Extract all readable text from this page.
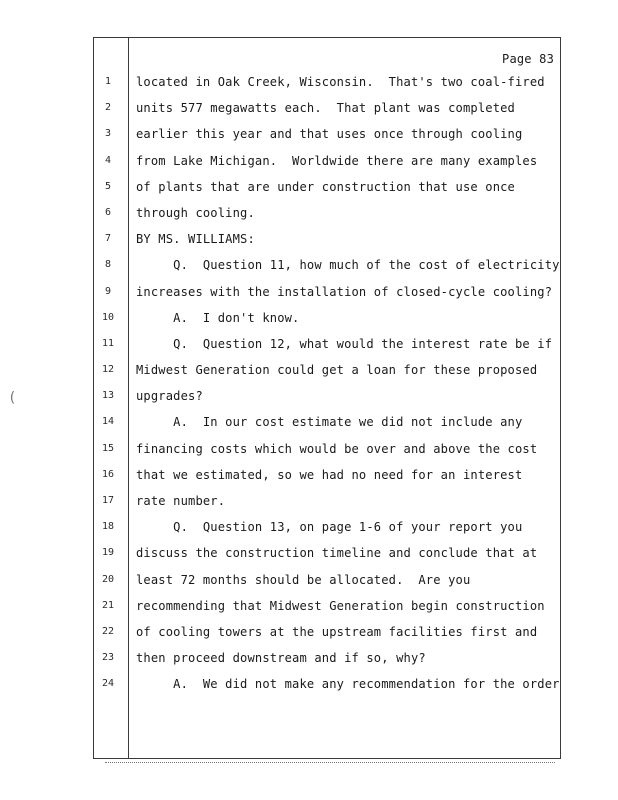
Page 83
1	located in Oak Creek, Wisconsin.  That's two coal-fired
2	units 577 megawatts each.  That plant was completed
3	earlier this year and that uses once through cooling
4	from Lake Michigan.  Worldwide there are many examples
5	of plants that are under construction that use once
6	through cooling.
7	BY MS. WILLIAMS:
8	Q.  Question 11, how much of the cost of electricity
9	increases with the installation of closed-cycle cooling?
10	A.  I don't know.
11	Q.  Question 12, what would the interest rate be if
12	Midwest Generation could get a loan for these proposed
13	upgrades?
14	A.  In our cost estimate we did not include any
15	financing costs which would be over and above the cost
16	that we estimated, so we had no need for an interest
17	rate number.
18	Q.  Question 13, on page 1-6 of your report you
19	discuss the construction timeline and conclude that at
20	least 72 months should be allocated.  Are you
21	recommending that Midwest Generation begin construction
22	of cooling towers at the upstream facilities first and
23	then proceed downstream and if so, why?
24	A.  We did not make any recommendation for the order
(
